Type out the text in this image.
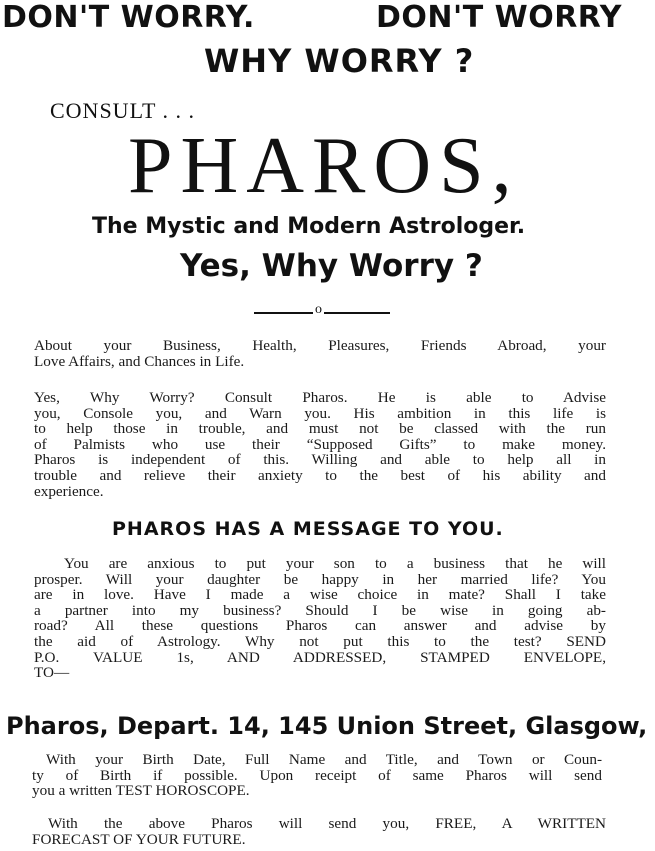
DON'T WORRY.	DON'T WORRY
WHY WORRY ?
CONSULT . . .
PHAROS,
The Mystic and Modern Astrologer.
Yes, Why Worry ?
o
About your Business, Health, Pleasures, Friends Abroad, your
Love Affairs, and Chances in Life.
Yes, Why Worry? Consult Pharos. He is able to Advise
you, Console you, and Warn you. His ambition in this life is
to help those in trouble, and must not be classed with the run
of Palmists who use their “Supposed Gifts” to make money.
Pharos is independent of this. Willing and able to help all in
trouble and relieve their anxiety to the best of his ability and
experience.
PHAROS HAS A MESSAGE TO YOU.
You are anxious to put your son to a business that he will
prosper. Will your daughter be happy in her married life? You
are in love. Have I made a wise choice in mate? Shall I take
a partner into my business? Should I be wise in going ab-
road? All these questions Pharos can answer and advise by
the aid of Astrology. Why not put this to the test? SEND
P.O. VALUE 1s, AND ADDRESSED, STAMPED ENVELOPE,
TO—
Pharos, Depart. 14, 145 Union Street, Glasgow,
With your Birth Date, Full Name and Title, and Town or Coun-
ty of Birth if possible. Upon receipt of same Pharos will send
you a written TEST HOROSCOPE.
With the above Pharos will send you, FREE, A WRITTEN
FORECAST OF YOUR FUTURE.
